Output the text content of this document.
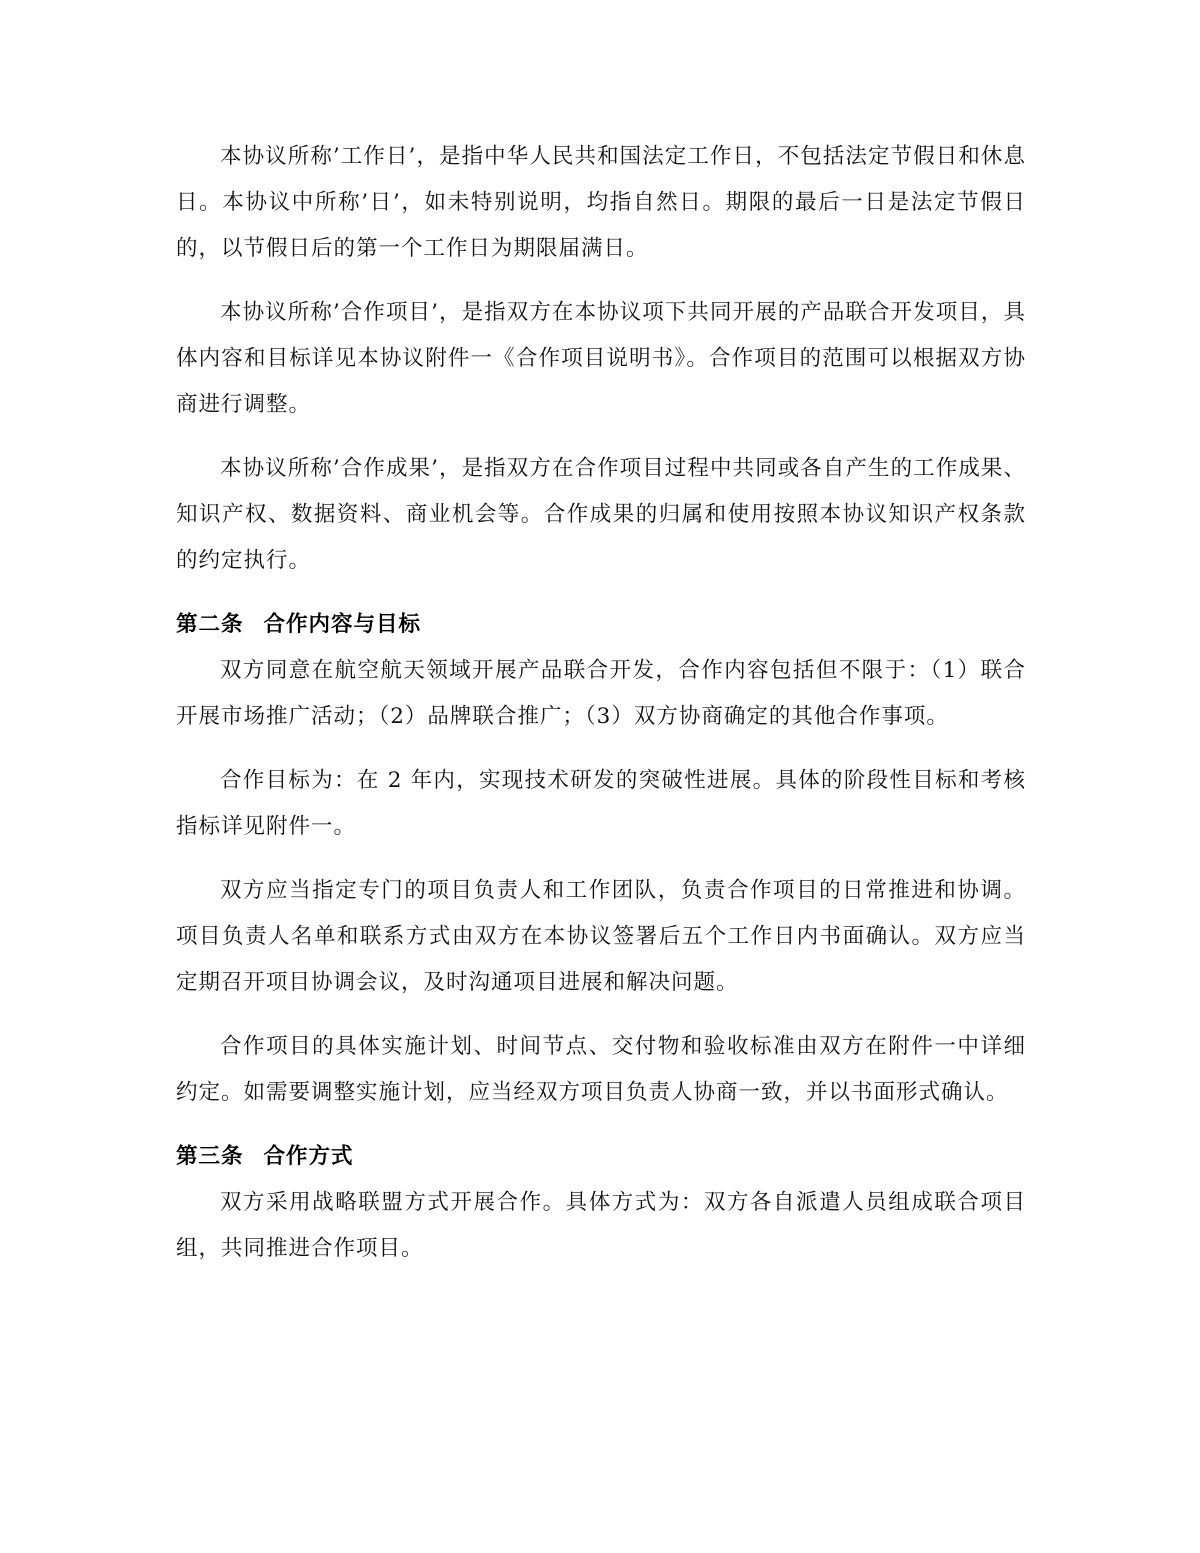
本协议所称’工作日’，是指中华人民共和国法定工作日，不包括法定节假日和休息日。本协议中所称’日’，如未特别说明，均指自然日。期限的最后一日是法定节假日的，以节假日后的第一个工作日为期限届满日。

本协议所称’合作项目’，是指双方在本协议项下共同开展的产品联合开发项目，具体内容和目标详见本协议附件一《合作项目说明书》。合作项目的范围可以根据双方协商进行调整。

本协议所称’合作成果’，是指双方在合作项目过程中共同或各自产生的工作成果、知识产权、数据资料、商业机会等。合作成果的归属和使用按照本协议知识产权条款的约定执行。

第二条 合作内容与目标

双方同意在航空航天领域开展产品联合开发，合作内容包括但不限于：（1）联合开展市场推广活动；（2）品牌联合推广；（3）双方协商确定的其他合作事项。

合作目标为：在 2 年内，实现技术研发的突破性进展。具体的阶段性目标和考核指标详见附件一。

双方应当指定专门的项目负责人和工作团队，负责合作项目的日常推进和协调。项目负责人名单和联系方式由双方在本协议签署后五个工作日内书面确认。双方应当定期召开项目协调会议，及时沟通项目进展和解决问题。

合作项目的具体实施计划、时间节点、交付物和验收标准由双方在附件一中详细约定。如需要调整实施计划，应当经双方项目负责人协商一致，并以书面形式确认。

第三条 合作方式

双方采用战略联盟方式开展合作。具体方式为：双方各自派遣人员组成联合项目组，共同推进合作项目。
